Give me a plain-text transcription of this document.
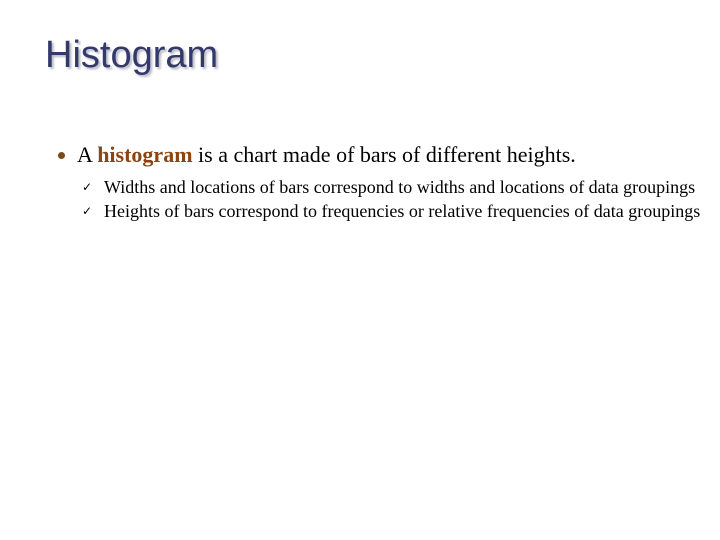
Histogram
A histogram is a chart made of bars of different heights.
✓ Widths and locations of bars correspond to widths and locations of data groupings
✓ Heights of bars correspond to frequencies or relative frequencies of data groupings
